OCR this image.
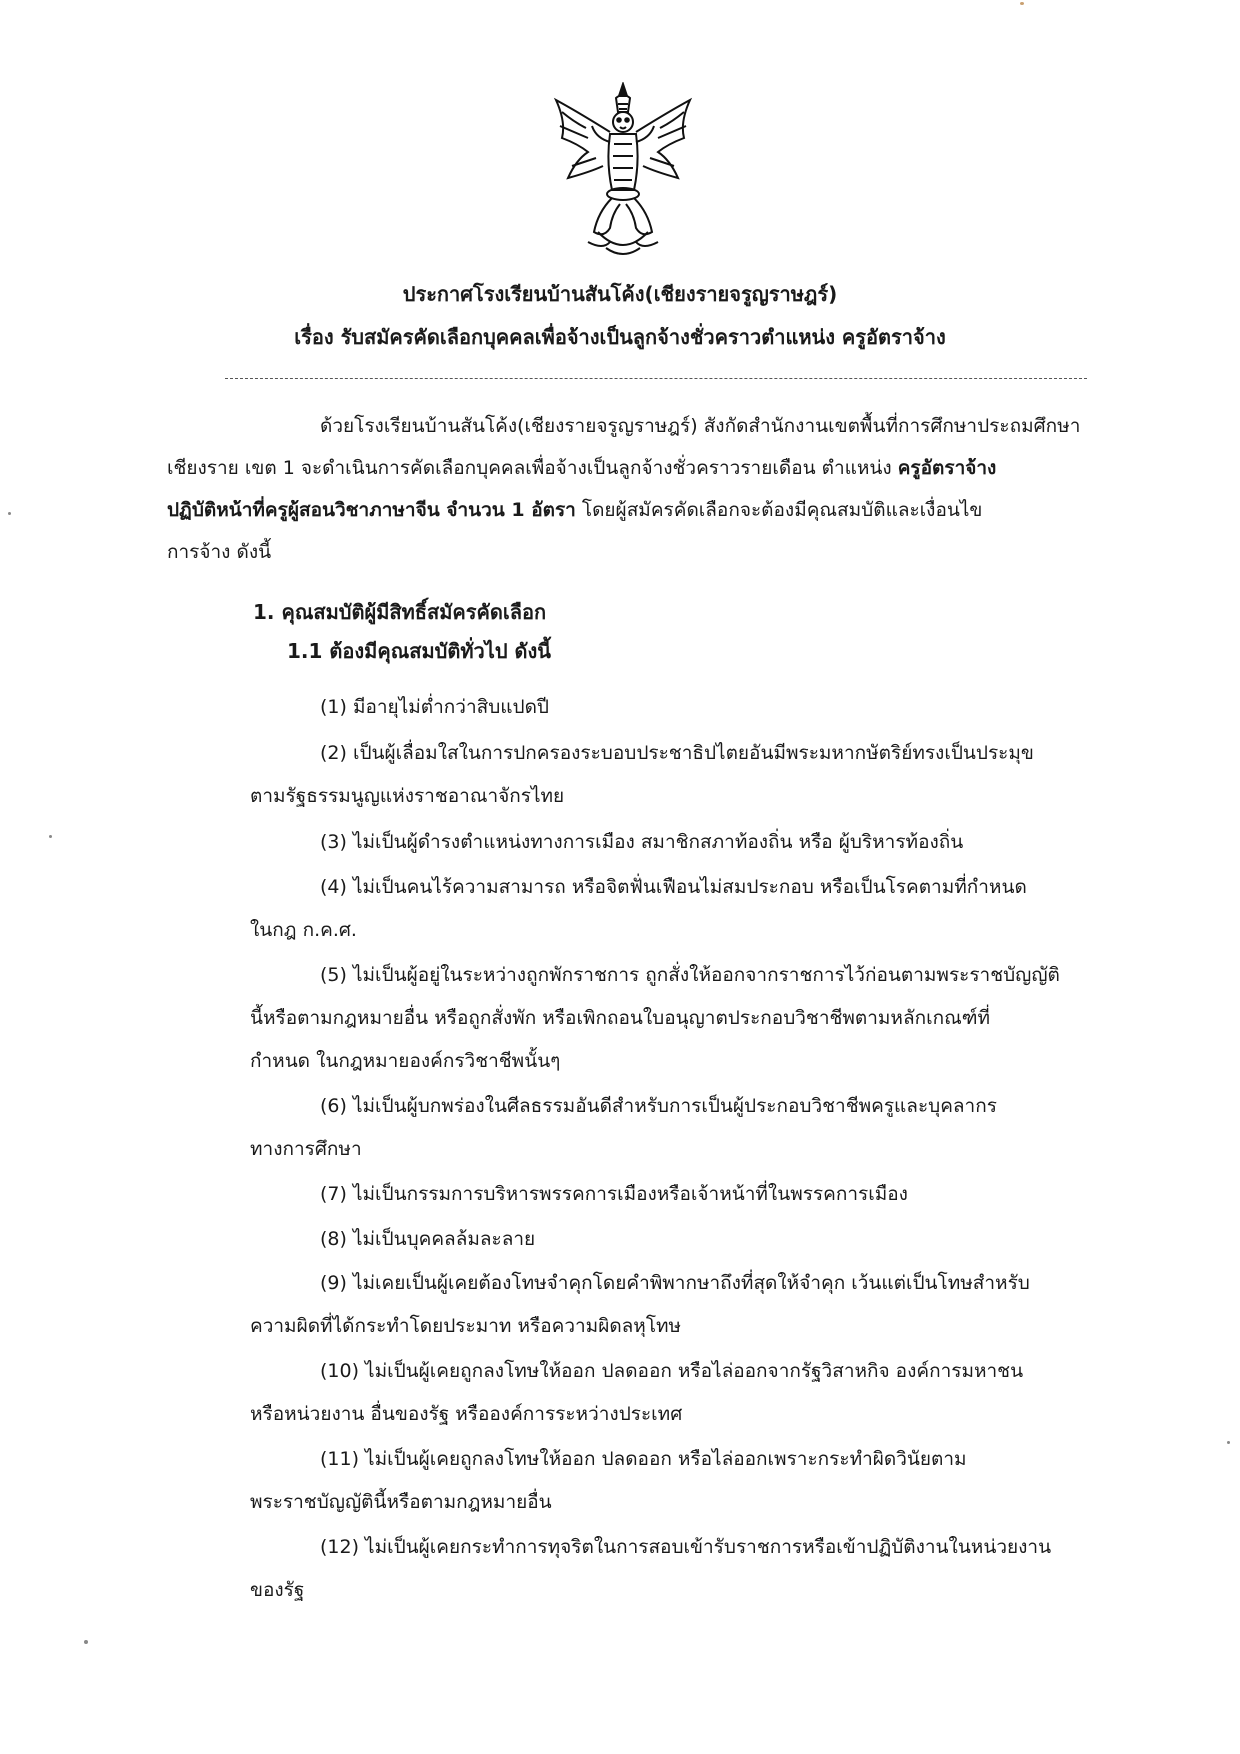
ประกาศโรงเรียนบ้านสันโค้ง(เชียงรายจรูญราษฎร์)
เรื่อง รับสมัครคัดเลือกบุคคลเพื่อจ้างเป็นลูกจ้างชั่วคราวตำแหน่ง ครูอัตราจ้าง
ด้วยโรงเรียนบ้านสันโค้ง(เชียงรายจรูญราษฎร์) สังกัดสำนักงานเขตพื้นที่การศึกษาประถมศึกษา
เชียงราย เขต 1 จะดำเนินการคัดเลือกบุคคลเพื่อจ้างเป็นลูกจ้างชั่วคราวรายเดือน ตำแหน่ง ครูอัตราจ้าง
ปฏิบัติหน้าที่ครูผู้สอนวิชาภาษาจีน จำนวน 1 อัตรา โดยผู้สมัครคัดเลือกจะต้องมีคุณสมบัติและเงื่อนไข
การจ้าง ดังนี้
1. คุณสมบัติผู้มีสิทธิ์สมัครคัดเลือก
1.1 ต้องมีคุณสมบัติทั่วไป ดังนี้
(1) มีอายุไม่ต่ำกว่าสิบแปดปี
(2) เป็นผู้เลื่อมใสในการปกครองระบอบประชาธิปไตยอันมีพระมหากษัตริย์ทรงเป็นประมุข
ตามรัฐธรรมนูญแห่งราชอาณาจักรไทย
(3) ไม่เป็นผู้ดำรงตำแหน่งทางการเมือง สมาชิกสภาท้องถิ่น หรือ ผู้บริหารท้องถิ่น
(4) ไม่เป็นคนไร้ความสามารถ หรือจิตฟั่นเฟือนไม่สมประกอบ หรือเป็นโรคตามที่กำหนด
ในกฎ ก.ค.ศ.
(5) ไม่เป็นผู้อยู่ในระหว่างถูกพักราชการ ถูกสั่งให้ออกจากราชการไว้ก่อนตามพระราชบัญญัติ
นี้หรือตามกฎหมายอื่น หรือถูกสั่งพัก หรือเพิกถอนใบอนุญาตประกอบวิชาชีพตามหลักเกณฑ์ที่
กำหนด ในกฎหมายองค์กรวิชาชีพนั้นๆ
(6) ไม่เป็นผู้บกพร่องในศีลธรรมอันดีสำหรับการเป็นผู้ประกอบวิชาชีพครูและบุคลากร
ทางการศึกษา
(7) ไม่เป็นกรรมการบริหารพรรคการเมืองหรือเจ้าหน้าที่ในพรรคการเมือง
(8) ไม่เป็นบุคคลล้มละลาย
(9) ไม่เคยเป็นผู้เคยต้องโทษจำคุกโดยคำพิพากษาถึงที่สุดให้จำคุก เว้นแต่เป็นโทษสำหรับ
ความผิดที่ได้กระทำโดยประมาท หรือความผิดลหุโทษ
(10) ไม่เป็นผู้เคยถูกลงโทษให้ออก ปลดออก หรือไล่ออกจากรัฐวิสาหกิจ องค์การมหาชน
หรือหน่วยงาน อื่นของรัฐ หรือองค์การระหว่างประเทศ
(11) ไม่เป็นผู้เคยถูกลงโทษให้ออก ปลดออก หรือไล่ออกเพราะกระทำผิดวินัยตาม
พระราชบัญญัตินี้หรือตามกฎหมายอื่น
(12) ไม่เป็นผู้เคยกระทำการทุจริตในการสอบเข้ารับราชการหรือเข้าปฏิบัติงานในหน่วยงาน
ของรัฐ
